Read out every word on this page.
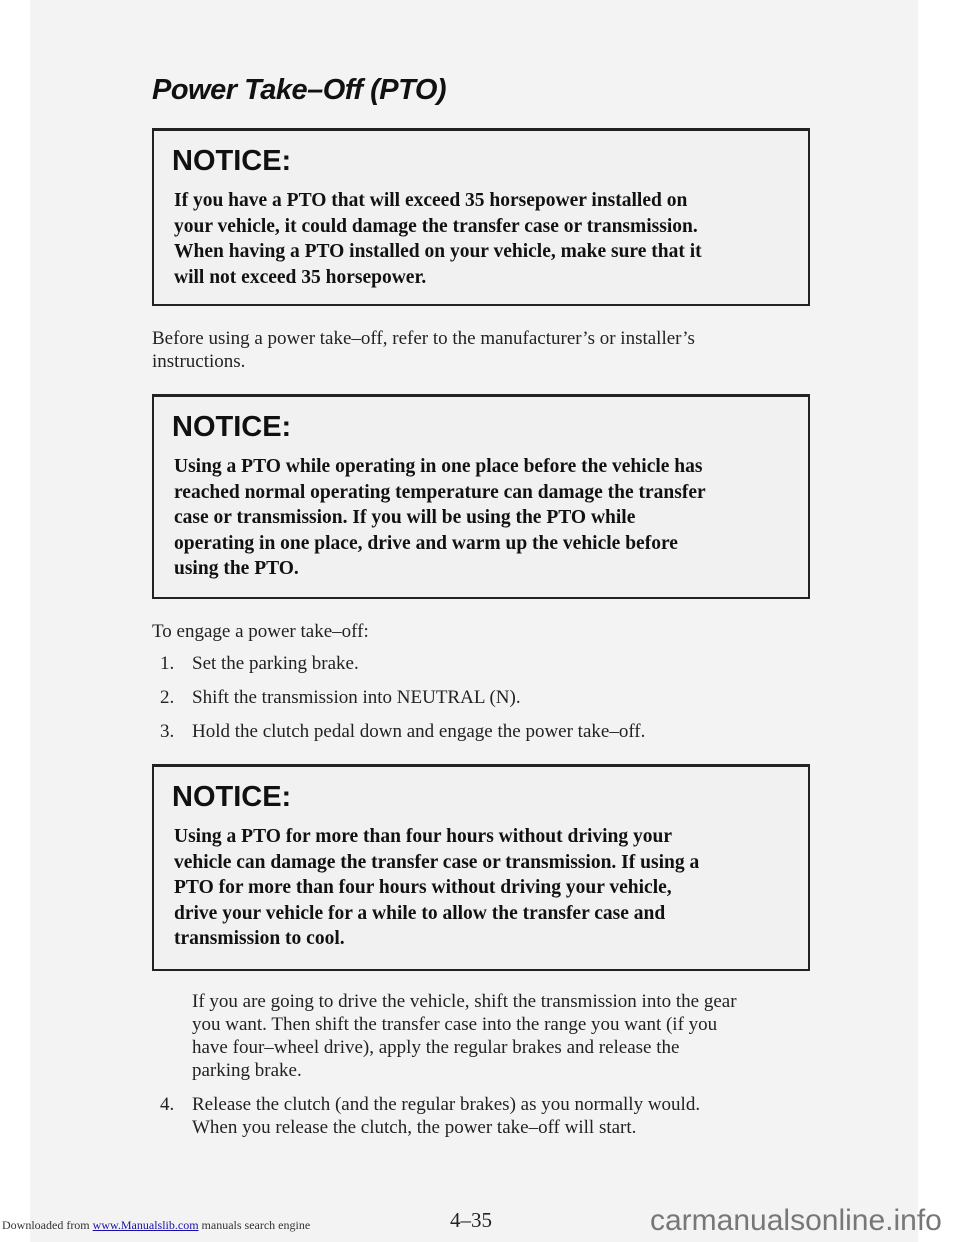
Power Take–Off (PTO)
NOTICE:
If you have a PTO that will exceed 35 horsepower installed on
your vehicle, it could damage the transfer case or transmission.
When having a PTO installed on your vehicle, make sure that it
will not exceed 35 horsepower.
Before using a power take–off, refer to the manufacturer’s or installer’s
instructions.
NOTICE:
Using a PTO while operating in one place before the vehicle has
reached normal operating temperature can damage the transfer
case or transmission. If you will be using the PTO while
operating in one place, drive and warm up the vehicle before
using the PTO.
To engage a power take–off:
1. Set the parking brake.
2. Shift the transmission into NEUTRAL (N).
3. Hold the clutch pedal down and engage the power take–off.
NOTICE:
Using a PTO for more than four hours without driving your
vehicle can damage the transfer case or transmission. If using a
PTO for more than four hours without driving your vehicle,
drive your vehicle for a while to allow the transfer case and
transmission to cool.
If you are going to drive the vehicle, shift the transmission into the gear
you want. Then shift the transfer case into the range you want (if you
have four–wheel drive), apply the regular brakes and release the
parking brake.
4. Release the clutch (and the regular brakes) as you normally would.
When you release the clutch, the power take–off will start.
4–35
Downloaded from www.Manualslib.com manuals search engine	carmanualsonline.info
